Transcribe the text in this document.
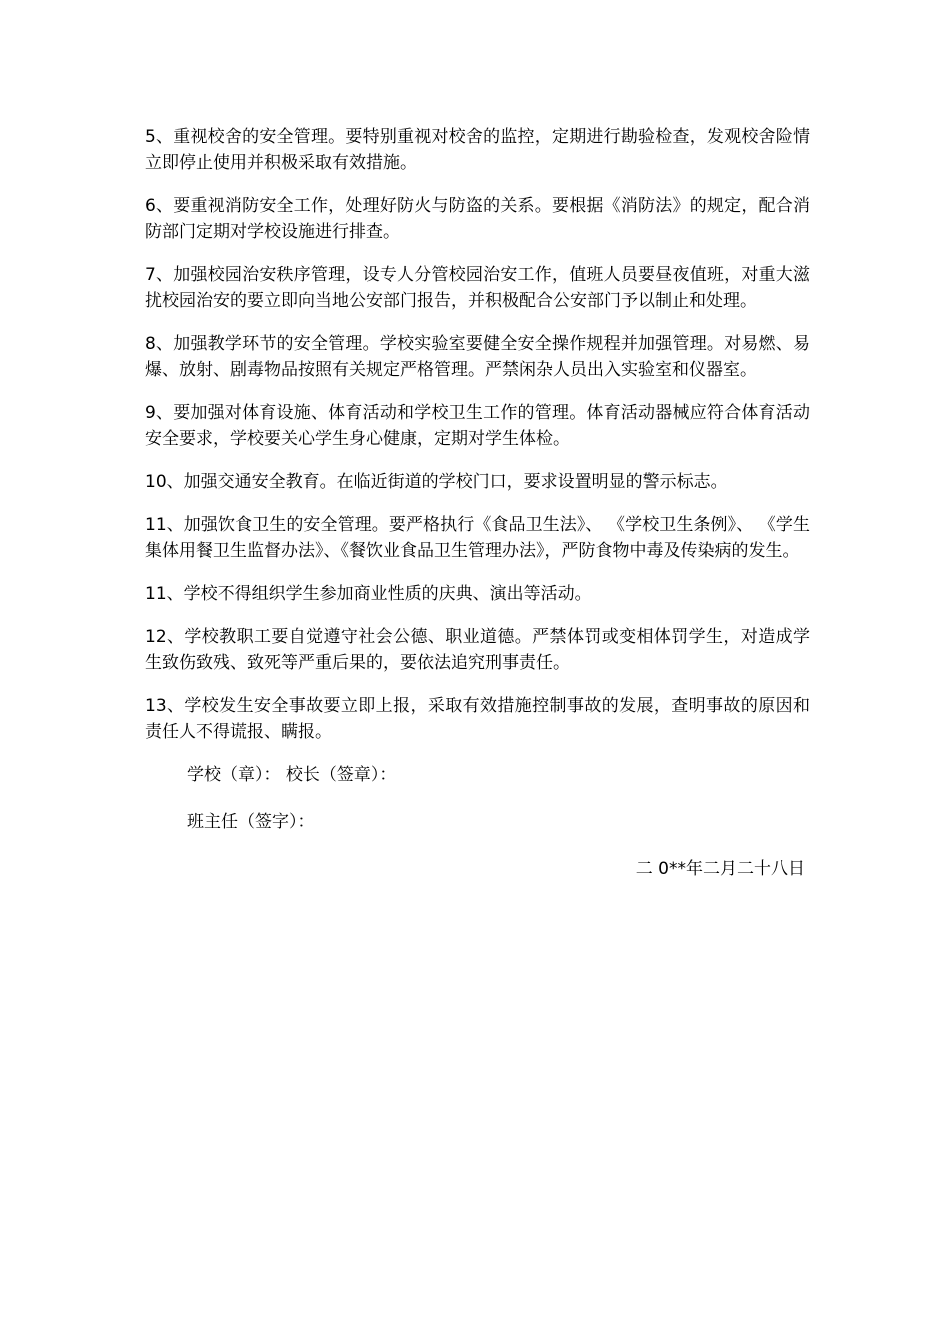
5、重视校舍的安全管理。要特别重视对校舍的监控，定期进行勘验检查，发观校舍险情立即停止使用并积极采取有效措施。

6、要重视消防安全工作，处理好防火与防盗的关系。要根据《消防法》的规定，配合消防部门定期对学校设施进行排查。

7、加强校园治安秩序管理，设专人分管校园治安工作，值班人员要昼夜值班，对重大滋扰校园治安的要立即向当地公安部门报告，并积极配合公安部门予以制止和处理。

8、加强教学环节的安全管理。学校实验室要健全安全操作规程并加强管理。对易燃、易爆、放射、剧毒物品按照有关规定严格管理。严禁闲杂人员出入实验室和仪器室。

9、要加强对体育设施、体育活动和学校卫生工作的管理。体育活动器械应符合体育活动安全要求，学校要关心学生身心健康，定期对学生体检。

10、加强交通安全教育。在临近街道的学校门口，要求设置明显的警示标志。

11、加强饮食卫生的安全管理。要严格执行《食品卫生法》、 《学校卫生条例》、 《学生集体用餐卫生监督办法》、《餐饮业食品卫生管理办法》，严防食物中毒及传染病的发生。

11、学校不得组织学生参加商业性质的庆典、演出等活动。

12、学校教职工要自觉遵守社会公德、职业道德。严禁体罚或变相体罚学生，对造成学生致伤致残、致死等严重后果的，要依法追究刑事责任。

13、学校发生安全事故要立即上报，采取有效措施控制事故的发展，查明事故的原因和责任人不得谎报、瞒报。

学校（章）： 校长（签章）：

班主任（签字）：

二 0**年二月二十八日
